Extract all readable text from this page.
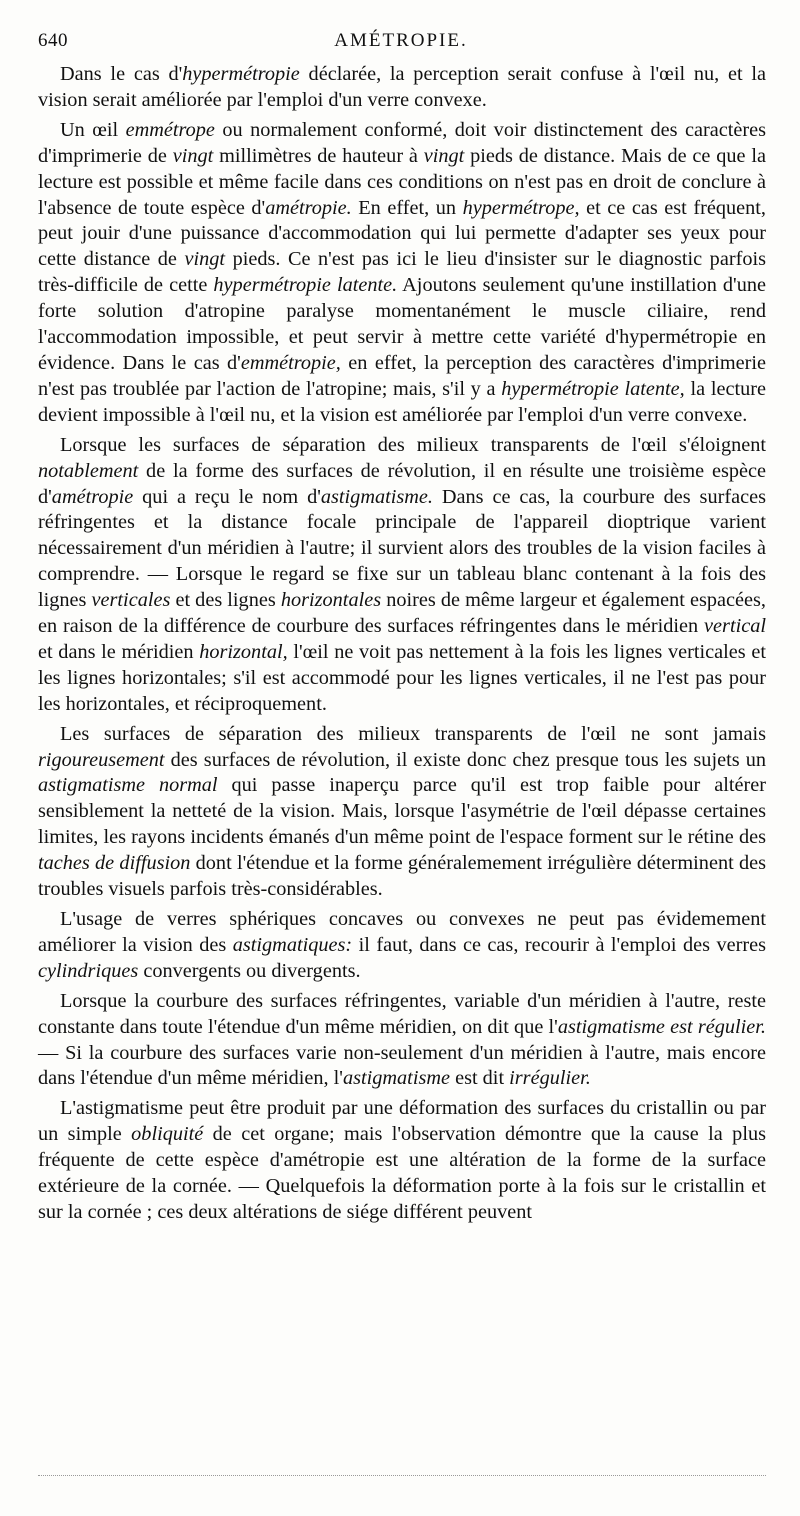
640	AMÉTROPIE.

Dans le cas d'hypermétropie déclarée, la perception serait confuse à l'œil nu, et la vision serait améliorée par l'emploi d'un verre convexe.

Un œil emmétrope ou normalement conformé, doit voir distinctement des caractères d'imprimerie de vingt millimètres de hauteur à vingt pieds de distance. Mais de ce que la lecture est possible et même facile dans ces conditions on n'est pas en droit de conclure à l'absence de toute espèce d'amétropie. En effet, un hypermétrope, et ce cas est fréquent, peut jouir d'une puissance d'accommodation qui lui permette d'adapter ses yeux pour cette distance de vingt pieds. Ce n'est pas ici le lieu d'insister sur le diagnostic parfois très-difficile de cette hypermétropie latente. Ajoutons seulement qu'une instillation d'une forte solution d'atropine paralyse momentanément le muscle ciliaire, rend l'accommodation impossible, et peut servir à mettre cette variété d'hypermétropie en évidence. Dans le cas d'emmétropie, en effet, la perception des caractères d'imprimerie n'est pas troublée par l'action de l'atropine; mais, s'il y a hypermétropie latente, la lecture devient impossible à l'œil nu, et la vision est améliorée par l'emploi d'un verre convexe.

Lorsque les surfaces de séparation des milieux transparents de l'œil s'éloignent notablement de la forme des surfaces de révolution, il en résulte une troisième espèce d'amétropie qui a reçu le nom d'astigmatisme. Dans ce cas, la courbure des surfaces réfringentes et la distance focale principale de l'appareil dioptrique varient nécessairement d'un méridien à l'autre; il survient alors des troubles de la vision faciles à comprendre. — Lorsque le regard se fixe sur un tableau blanc contenant à la fois des lignes verticales et des lignes horizontales noires de même largeur et également espacées, en raison de la différence de courbure des surfaces réfringentes dans le méridien vertical et dans le méridien horizontal, l'œil ne voit pas nettement à la fois les lignes verticales et les lignes horizontales; s'il est accommodé pour les lignes verticales, il ne l'est pas pour les horizontales, et réciproquement.

Les surfaces de séparation des milieux transparents de l'œil ne sont jamais rigoureusement des surfaces de révolution, il existe donc chez presque tous les sujets un astigmatisme normal qui passe inaperçu parce qu'il est trop faible pour altérer sensiblement la netteté de la vision. Mais, lorsque l'asymétrie de l'œil dépasse certaines limites, les rayons incidents émanés d'un même point de l'espace forment sur le rétine des taches de diffusion dont l'étendue et la forme généralemement irrégulière déterminent des troubles visuels parfois très-considérables.

L'usage de verres sphériques concaves ou convexes ne peut pas évidemement améliorer la vision des astigmatiques: il faut, dans ce cas, recourir à l'emploi des verres cylindriques convergents ou divergents.

Lorsque la courbure des surfaces réfringentes, variable d'un méridien à l'autre, reste constante dans toute l'étendue d'un même méridien, on dit que l'astigmatisme est régulier. — Si la courbure des surfaces varie non-seulement d'un méridien à l'autre, mais encore dans l'étendue d'un même méridien, l'astigmatisme est dit irrégulier.

L'astigmatisme peut être produit par une déformation des surfaces du cristallin ou par un simple obliquité de cet organe; mais l'observation démontre que la cause la plus fréquente de cette espèce d'amétropie est une altération de la forme de la surface extérieure de la cornée. — Quelquefois la déformation porte à la fois sur le cristallin et sur la cornée ; ces deux altérations de siége différent peuvent
